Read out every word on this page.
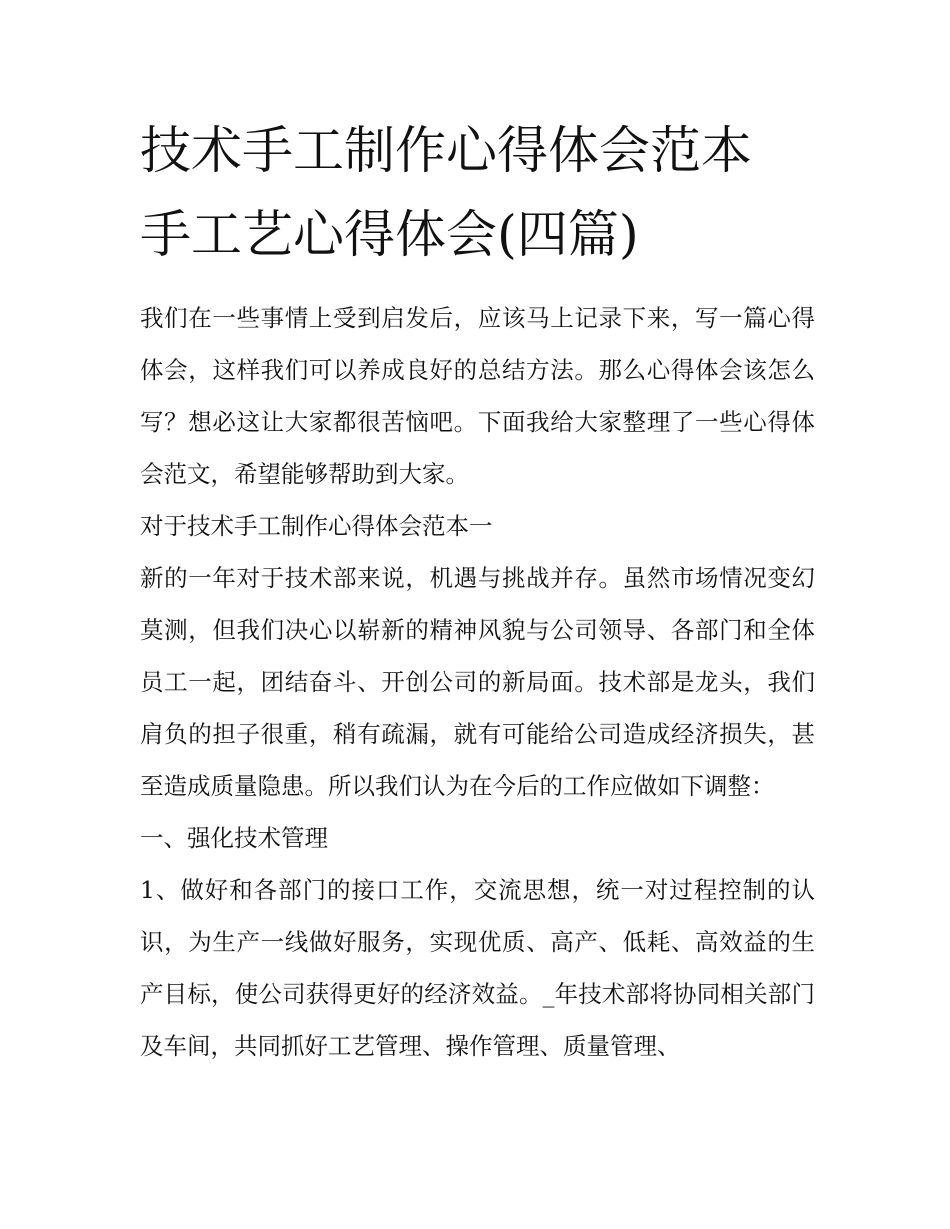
技术手工制作心得体会范本 手工艺心得体会(四篇)

我们在一些事情上受到启发后，应该马上记录下来，写一篇心得体会，这样我们可以养成良好的总结方法。那么心得体会该怎么写？想必这让大家都很苦恼吧。下面我给大家整理了一些心得体会范文，希望能够帮助到大家。

对于技术手工制作心得体会范本一

新的一年对于技术部来说，机遇与挑战并存。虽然市场情况变幻莫测，但我们决心以崭新的精神风貌与公司领导、各部门和全体员工一起，团结奋斗、开创公司的新局面。技术部是龙头，我们肩负的担子很重，稍有疏漏，就有可能给公司造成经济损失，甚至造成质量隐患。所以我们认为在今后的工作应做如下调整：

一、强化技术管理

1、做好和各部门的接口工作，交流思想，统一对过程控制的认识，为生产一线做好服务，实现优质、高产、低耗、高效益的生产目标，使公司获得更好的经济效益。_年技术部将协同相关部门及车间，共同抓好工艺管理、操作管理、质量管理、
